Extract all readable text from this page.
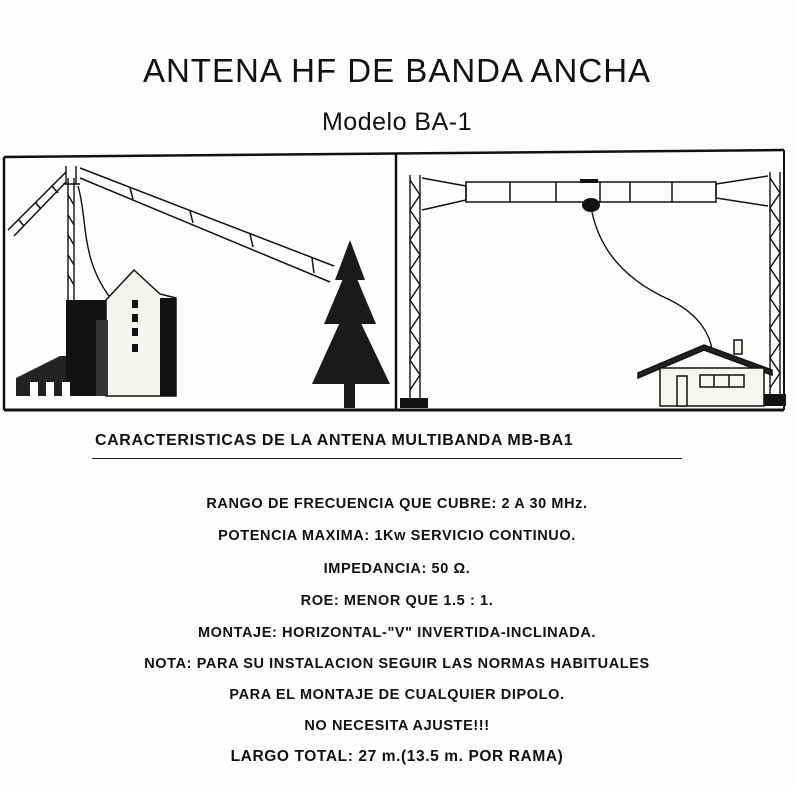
ANTENA HF DE BANDA ANCHA
Modelo BA-1
CARACTERISTICAS DE LA ANTENA MULTIBANDA MB-BA1
RANGO DE FRECUENCIA QUE CUBRE: 2 A 30 MHz.
POTENCIA MAXIMA: 1Kw SERVICIO CONTINUO.
IMPEDANCIA: 50 Ω.
ROE: MENOR QUE 1.5 : 1.
MONTAJE: HORIZONTAL-"V" INVERTIDA-INCLINADA.
NOTA: PARA SU INSTALACION SEGUIR LAS NORMAS HABITUALES
PARA EL MONTAJE DE CUALQUIER DIPOLO.
NO NECESITA AJUSTE!!!
LARGO TOTAL: 27 m.(13.5 m. POR RAMA)
